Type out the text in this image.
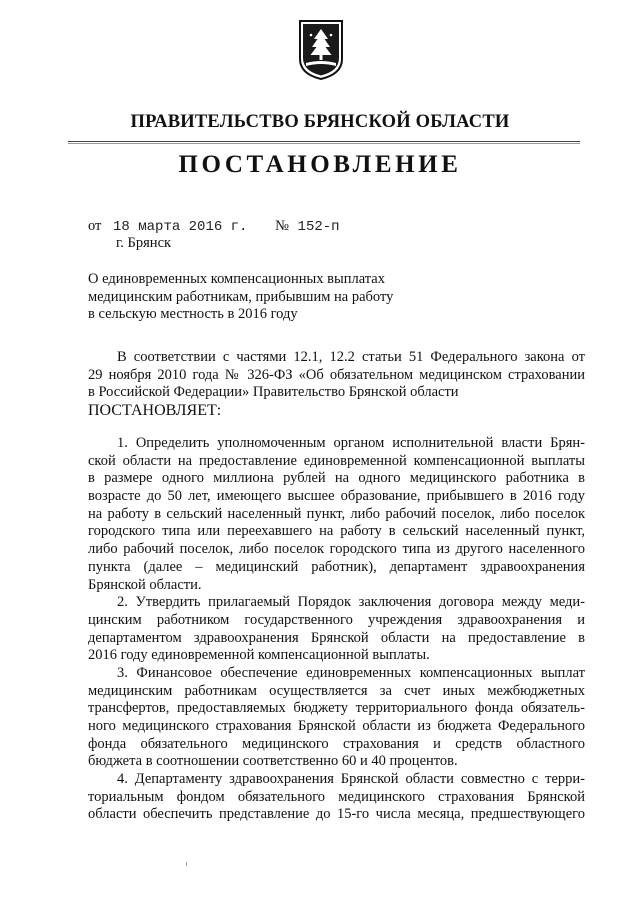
ПРАВИТЕЛЬСТВО БРЯНСКОЙ ОБЛАСТИ
ПОСТАНОВЛЕНИЕ
от 18 марта 2016 г. № 152-п
г. Брянск
О единовременных компенсационных выплатах
медицинским работникам, прибывшим на работу
в сельскую местность в 2016 году
В соответствии с частями 12.1, 12.2 статьи 51 Федерального закона от
29 ноября 2010 года № 326-ФЗ «Об обязательном медицинском страховании
в Российской Федерации» Правительство Брянской области
ПОСТАНОВЛЯЕТ:
1. Определить уполномоченным органом исполнительной власти Брян-
ской области на предоставление единовременной компенсационной выплаты
в размере одного миллиона рублей на одного медицинского работника в
возрасте до 50 лет, имеющего высшее образование, прибывшего в 2016 году
на работу в сельский населенный пункт, либо рабочий поселок, либо поселок
городского типа или переехавшего на работу в сельский населенный пункт,
либо рабочий поселок, либо поселок городского типа из другого населенного
пункта (далее – медицинский работник), департамент здравоохранения
Брянской области.
2. Утвердить прилагаемый Порядок заключения договора между меди-
цинским работником государственного учреждения здравоохранения и
департаментом здравоохранения Брянской области на предоставление в
2016 году единовременной компенсационной выплаты.
3. Финансовое обеспечение единовременных компенсационных выплат
медицинским работникам осуществляется за счет иных межбюджетных
трансфертов, предоставляемых бюджету территориального фонда обязатель-
ного медицинского страхования Брянской области из бюджета Федерального
фонда обязательного медицинского страхования и средств областного
бюджета в соотношении соответственно 60 и 40 процентов.
4. Департаменту здравоохранения Брянской области совместно с терри-
ториальным фондом обязательного медицинского страхования Брянской
области обеспечить представление до 15-го числа месяца, предшествующего
